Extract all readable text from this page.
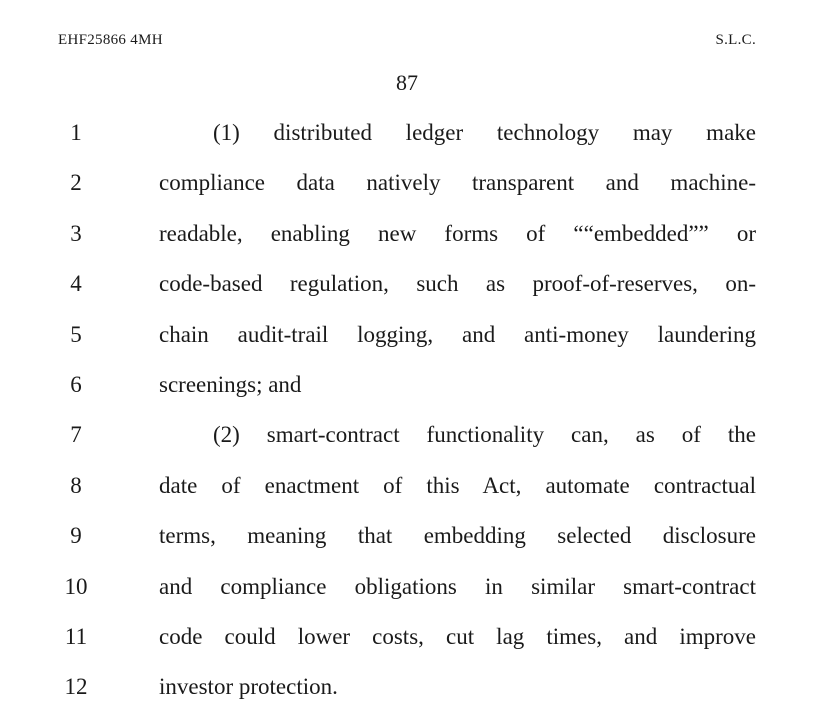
EHF25866 4MH	S.L.C.
87
1	(1) distributed ledger technology may make
2	compliance data natively transparent and machine-
3	readable, enabling new forms of ““embedded”” or
4	code-based regulation, such as proof-of-reserves, on-
5	chain audit-trail logging, and anti-money laundering
6	screenings; and
7	(2) smart-contract functionality can, as of the
8	date of enactment of this Act, automate contractual
9	terms, meaning that embedding selected disclosure
10	and compliance obligations in similar smart-contract
11	code could lower costs, cut lag times, and improve
12	investor protection.
